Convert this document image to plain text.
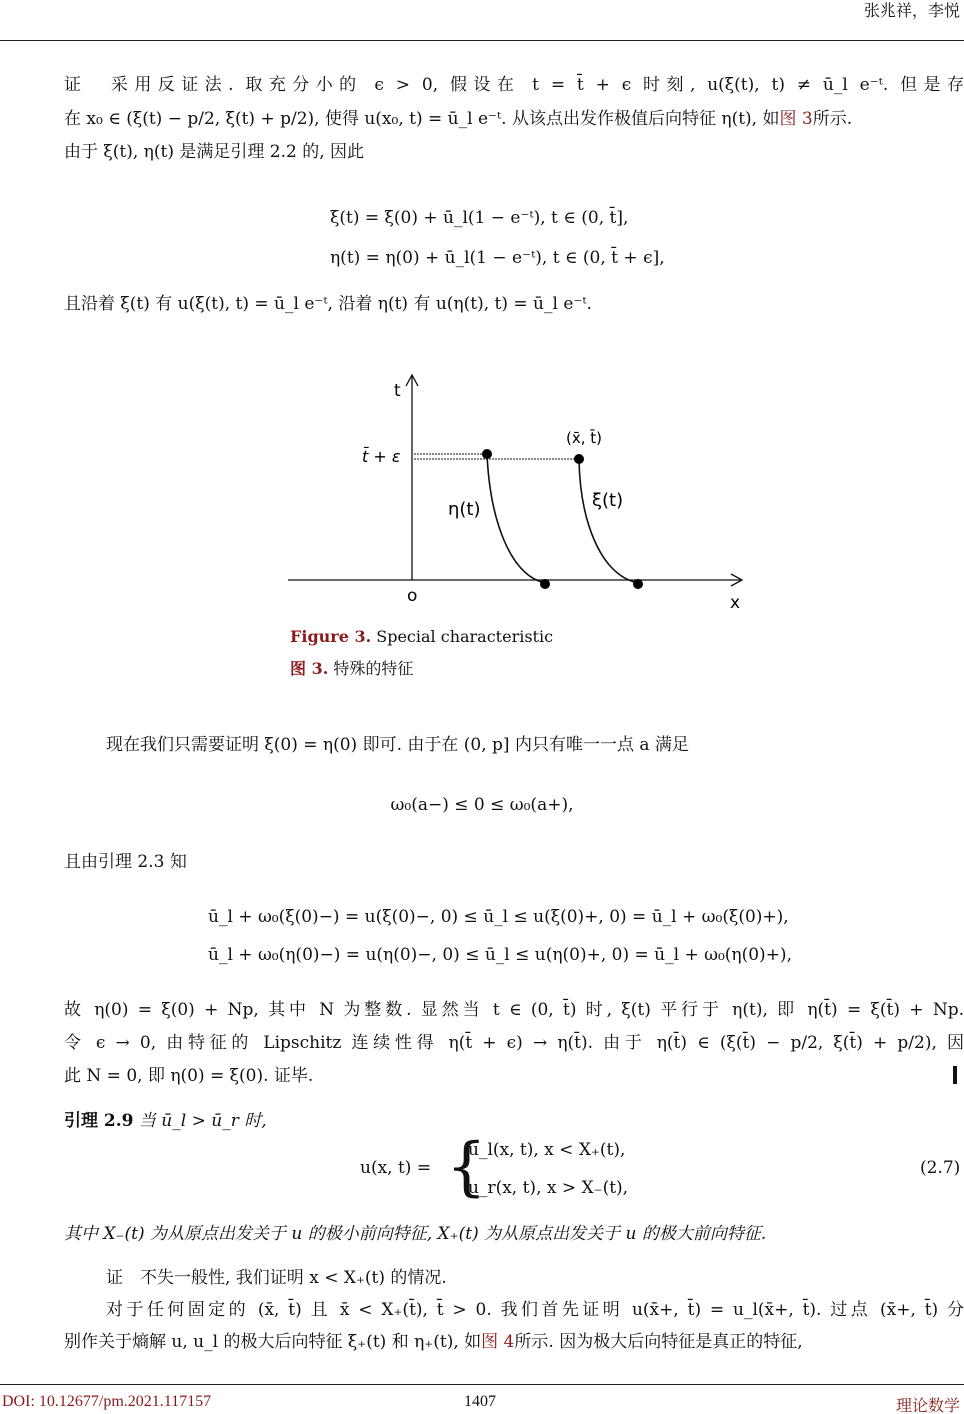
张兆祥，李悦
证　采用反证法. 取充分小的 ϵ > 0, 假设在 t = t̄ + ϵ 时刻, u(ξ(t), t) ≠ ū_l e⁻ᵗ. 但是存
在 x₀ ∈ (ξ(t) − p/2, ξ(t) + p/2), 使得 u(x₀, t) = ū_l e⁻ᵗ. 从该点出发作极值后向特征 η(t), 如图 3所示.
由于 ξ(t), η(t) 是满足引理 2.2 的, 因此
ξ(t) = ξ(0) + ū_l(1 − e⁻ᵗ), t ∈ (0, t̄],
η(t) = η(0) + ū_l(1 − e⁻ᵗ), t ∈ (0, t̄ + ϵ],
且沿着 ξ(t) 有 u(ξ(t), t) = ū_l e⁻ᵗ, 沿着 η(t) 有 u(η(t), t) = ū_l e⁻ᵗ.
t
x
o
t̄ + ε
(x̄, t̄)
η(t)	ξ(t)
Figure 3. Special characteristic
图 3. 特殊的特征
现在我们只需要证明 ξ(0) = η(0) 即可. 由于在 (0, p] 内只有唯一一点 a 满足
ω₀(a−) ≤ 0 ≤ ω₀(a+),
且由引理 2.3 知
ū_l + ω₀(ξ(0)−) = u(ξ(0)−, 0) ≤ ū_l ≤ u(ξ(0)+, 0) = ū_l + ω₀(ξ(0)+),
ū_l + ω₀(η(0)−) = u(η(0)−, 0) ≤ ū_l ≤ u(η(0)+, 0) = ū_l + ω₀(η(0)+),
故 η(0) = ξ(0) + Np, 其中 N 为整数. 显然当 t ∈ (0, t̄) 时, ξ(t) 平行于 η(t), 即 η(t̄) = ξ(t̄) + Np.
令 ϵ → 0, 由特征的 Lipschitz 连续性得 η(t̄ + ϵ) → η(t̄). 由于 η(t̄) ∈ (ξ(t̄) − p/2, ξ(t̄) + p/2), 因
此 N = 0, 即 η(0) = ξ(0). 证毕.
引理 2.9 当 ū_l > ū_r 时,
u(x, t) = {
u_l(x, t), x < X₊(t),
u_r(x, t), x > X₋(t),
(2.7)
其中 X₋(t) 为从原点出发关于 u 的极小前向特征, X₊(t) 为从原点出发关于 u 的极大前向特征.
证　不失一般性, 我们证明 x < X₊(t) 的情况.
对于任何固定的 (x̄, t̄) 且 x̄ < X₊(t̄), t̄ > 0. 我们首先证明 u(x̄+, t̄) = u_l(x̄+, t̄). 过点 (x̄+, t̄) 分
别作关于熵解 u, u_l 的极大后向特征 ξ₊(t) 和 η₊(t), 如图 4所示. 因为极大后向特征是真正的特征,
DOI: 10.12677/pm.2021.117157	1407	理论数学
